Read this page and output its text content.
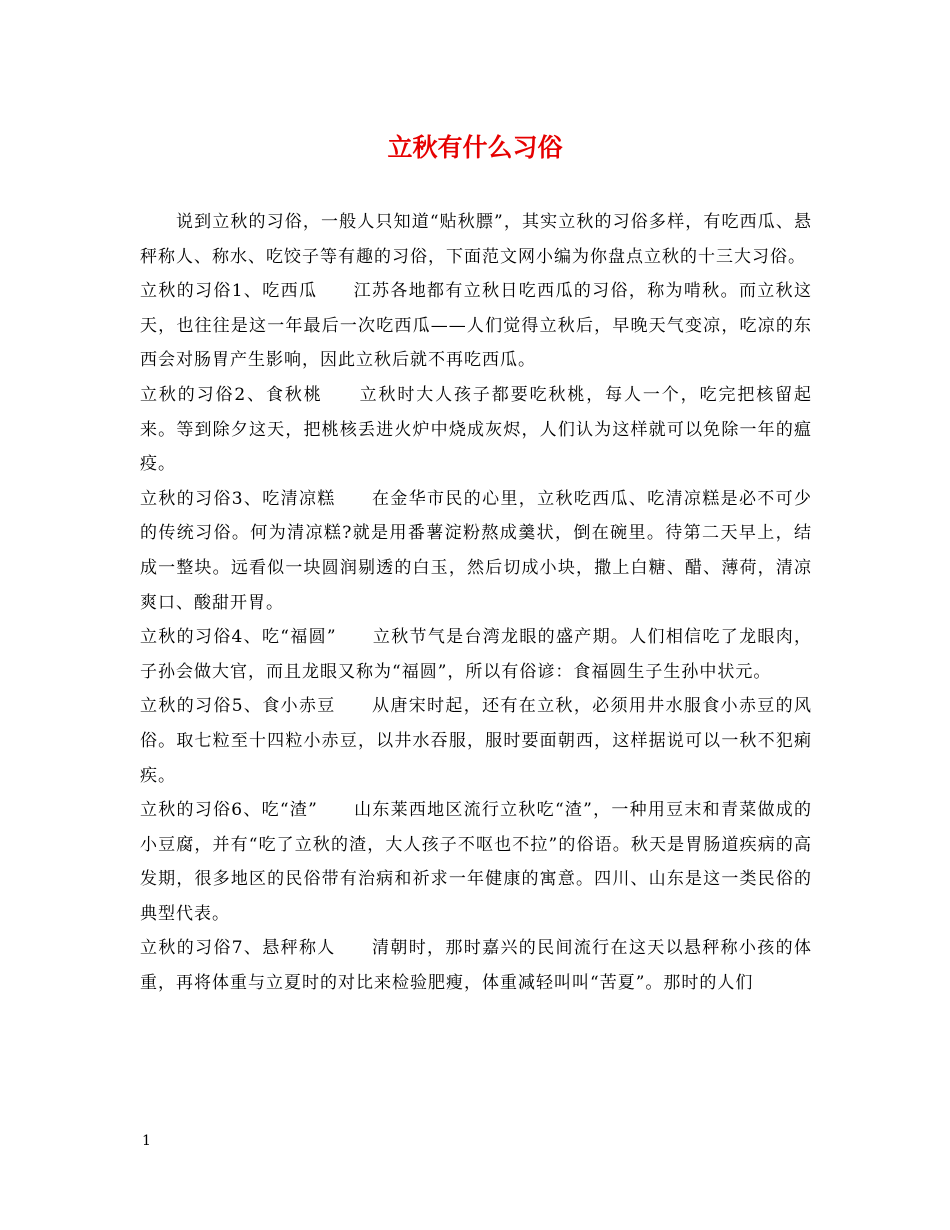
立秋有什么习俗

说到立秋的习俗，一般人只知道“贴秋膘”，其实立秋的习俗多样，有吃西瓜、悬秤称人、称水、吃饺子等有趣的习俗，下面范文网小编为你盘点立秋的十三大习俗。

立秋的习俗1、吃西瓜 江苏各地都有立秋日吃西瓜的习俗，称为啃秋。而立秋这天，也往往是这一年最后一次吃西瓜——人们觉得立秋后，早晚天气变凉，吃凉的东西会对肠胃产生影响，因此立秋后就不再吃西瓜。

立秋的习俗2、食秋桃 立秋时大人孩子都要吃秋桃，每人一个，吃完把核留起来。等到除夕这天，把桃核丢进火炉中烧成灰烬，人们认为这样就可以免除一年的瘟疫。

立秋的习俗3、吃清凉糕 在金华市民的心里，立秋吃西瓜、吃清凉糕是必不可少的传统习俗。何为清凉糕?就是用番薯淀粉熬成羹状，倒在碗里。待第二天早上，结成一整块。远看似一块圆润剔透的白玉，然后切成小块，撒上白糖、醋、薄荷，清凉爽口、酸甜开胃。

立秋的习俗4、吃“福圆” 立秋节气是台湾龙眼的盛产期。人们相信吃了龙眼肉，子孙会做大官，而且龙眼又称为“福圆”，所以有俗谚：食福圆生子生孙中状元。

立秋的习俗5、食小赤豆 从唐宋时起，还有在立秋，必须用井水服食小赤豆的风俗。取七粒至十四粒小赤豆，以井水吞服，服时要面朝西，这样据说可以一秋不犯痢疾。

立秋的习俗6、吃“渣” 山东莱西地区流行立秋吃“渣”，一种用豆末和青菜做成的小豆腐，并有“吃了立秋的渣，大人孩子不呕也不拉”的俗语。秋天是胃肠道疾病的高发期，很多地区的民俗带有治病和祈求一年健康的寓意。四川、山东是这一类民俗的典型代表。

立秋的习俗7、悬秤称人 清朝时，那时嘉兴的民间流行在这天以悬秤称小孩的体重，再将体重与立夏时的对比来检验肥瘦，体重减轻叫叫“苦夏”。那时的人们

1
